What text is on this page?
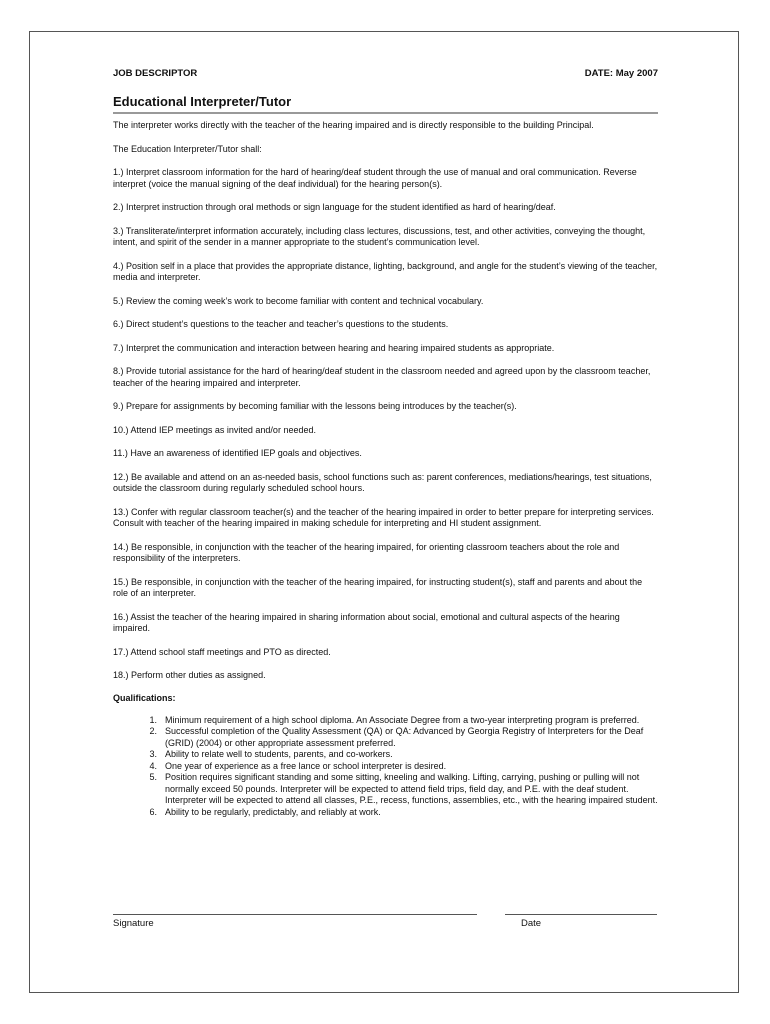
JOB DESCRIPTOR	DATE: May 2007
Educational Interpreter/Tutor

The interpreter works directly with the teacher of the hearing impaired and is directly responsible to the building Principal.

The Education Interpreter/Tutor shall:

1.) Interpret classroom information for the hard of hearing/deaf student through the use of manual and oral communication. Reverse interpret (voice the manual signing of the deaf individual) for the hearing person(s).

2.) Interpret instruction through oral methods or sign language for the student identified as hard of hearing/deaf.

3.) Transliterate/interpret information accurately, including class lectures, discussions, test, and other activities, conveying the thought, intent, and spirit of the sender in a manner appropriate to the student’s communication level.

4.) Position self in a place that provides the appropriate distance, lighting, background, and angle for the student’s viewing of the teacher, media and interpreter.

5.) Review the coming week’s work to become familiar with content and technical vocabulary.

6.) Direct student’s questions to the teacher and teacher’s questions to the students.

7.) Interpret the communication and interaction between hearing and hearing impaired students as appropriate.

8.) Provide tutorial assistance for the hard of hearing/deaf student in the classroom needed and agreed upon by the classroom teacher, teacher of the hearing impaired and interpreter.

9.) Prepare for assignments by becoming familiar with the lessons being introduces by the teacher(s).

10.) Attend IEP meetings as invited and/or needed.

11.) Have an awareness of identified IEP goals and objectives.

12.) Be available and attend on an as-needed basis, school functions such as: parent conferences, mediations/hearings, test situations, outside the classroom during regularly scheduled school hours.

13.) Confer with regular classroom teacher(s) and the teacher of the hearing impaired in order to better prepare for interpreting services. Consult with teacher of the hearing impaired in making schedule for interpreting and HI student assignment.

14.) Be responsible, in conjunction with the teacher of the hearing impaired, for orienting classroom teachers about the role and responsibility of the interpreters.

15.) Be responsible, in conjunction with the teacher of the hearing impaired, for instructing student(s), staff and parents and about the role of an interpreter.

16.) Assist the teacher of the hearing impaired in sharing information about social, emotional and cultural aspects of the hearing impaired.

17.) Attend school staff meetings and PTO as directed.

18.) Perform other duties as assigned.

Qualifications:
1. Minimum requirement of a high school diploma. An Associate Degree from a two-year interpreting program is preferred.
2. Successful completion of the Quality Assessment (QA) or QA: Advanced by Georgia Registry of Interpreters for the Deaf (GRID) (2004) or other appropriate assessment preferred.
3. Ability to relate well to students, parents, and co-workers.
4. One year of experience as a free lance or school interpreter is desired.
5. Position requires significant standing and some sitting, kneeling and walking. Lifting, carrying, pushing or pulling will not normally exceed 50 pounds. Interpreter will be expected to attend field trips, field day, and P.E. with the deaf student. Interpreter will be expected to attend all classes, P.E., recess, functions, assemblies, etc., with the hearing impaired student.
6. Ability to be regularly, predictably, and reliably at work.
Signature	Date
